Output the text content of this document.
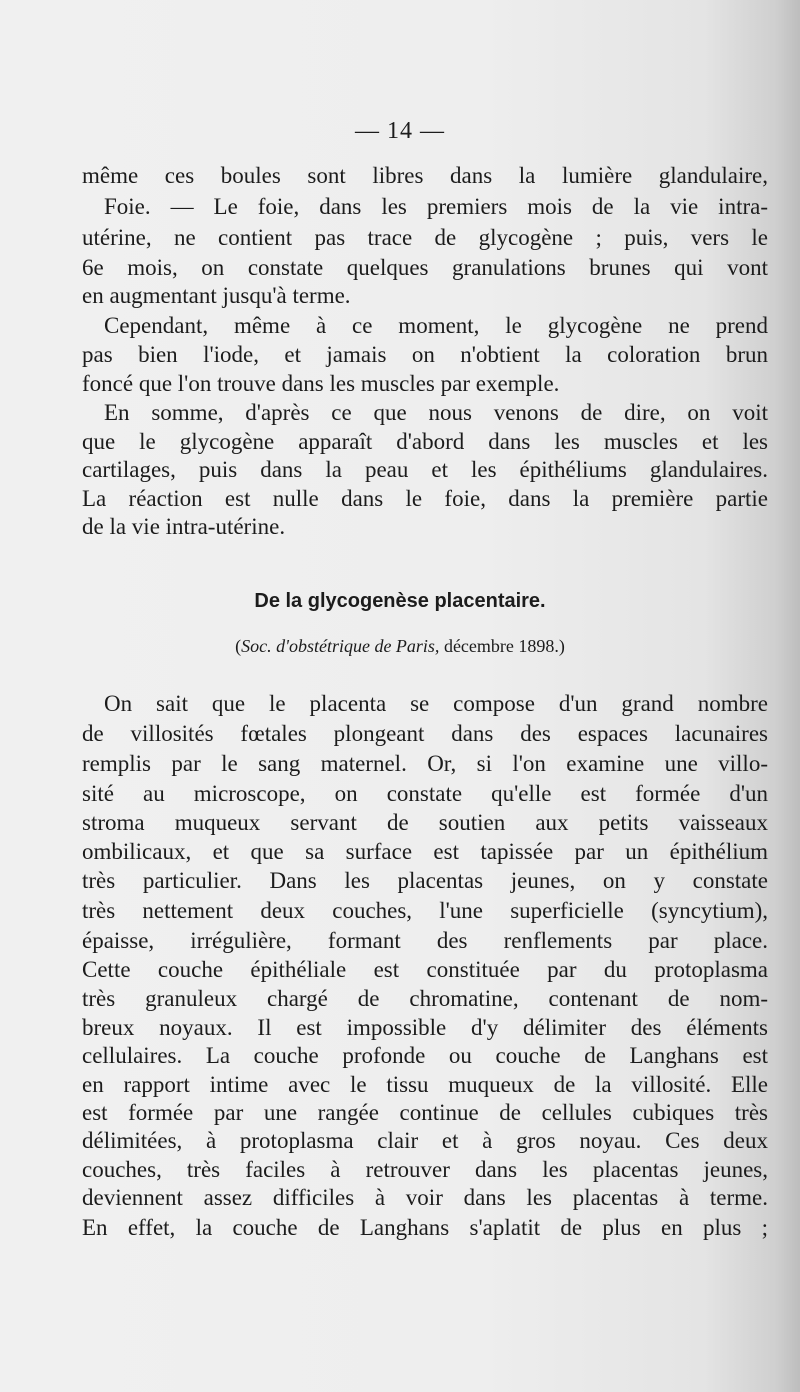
— 14 —
même ces boules sont libres dans la lumière glandulaire,
Foie. — Le foie, dans les premiers mois de la vie intra-
utérine, ne contient pas trace de glycogène ; puis, vers le
6e mois, on constate quelques granulations brunes qui vont
en augmentant jusqu'à terme.
Cependant, même à ce moment, le glycogène ne prend
pas bien l'iode, et jamais on n'obtient la coloration brun
foncé que l'on trouve dans les muscles par exemple.
En somme, d'après ce que nous venons de dire, on voit
que le glycogène apparaît d'abord dans les muscles et les
cartilages, puis dans la peau et les épithéliums glandulaires.
La réaction est nulle dans le foie, dans la première partie
de la vie intra-utérine.
De la glycogenèse placentaire.
(Soc. d'obstétrique de Paris, décembre 1898.)
On sait que le placenta se compose d'un grand nombre
de villosités fœtales plongeant dans des espaces lacunaires
remplis par le sang maternel. Or, si l'on examine une villo-
sité au microscope, on constate qu'elle est formée d'un
stroma muqueux servant de soutien aux petits vaisseaux
ombilicaux, et que sa surface est tapissée par un épithélium
très particulier. Dans les placentas jeunes, on y constate
très nettement deux couches, l'une superficielle (syncytium),
épaisse, irrégulière, formant des renflements par place.
Cette couche épithéliale est constituée par du protoplasma
très granuleux chargé de chromatine, contenant de nom-
breux noyaux. Il est impossible d'y délimiter des éléments
cellulaires. La couche profonde ou couche de Langhans est
en rapport intime avec le tissu muqueux de la villosité. Elle
est formée par une rangée continue de cellules cubiques très
délimitées, à protoplasma clair et à gros noyau. Ces deux
couches, très faciles à retrouver dans les placentas jeunes,
deviennent assez difficiles à voir dans les placentas à terme.
En effet, la couche de Langhans s'aplatit de plus en plus ;
